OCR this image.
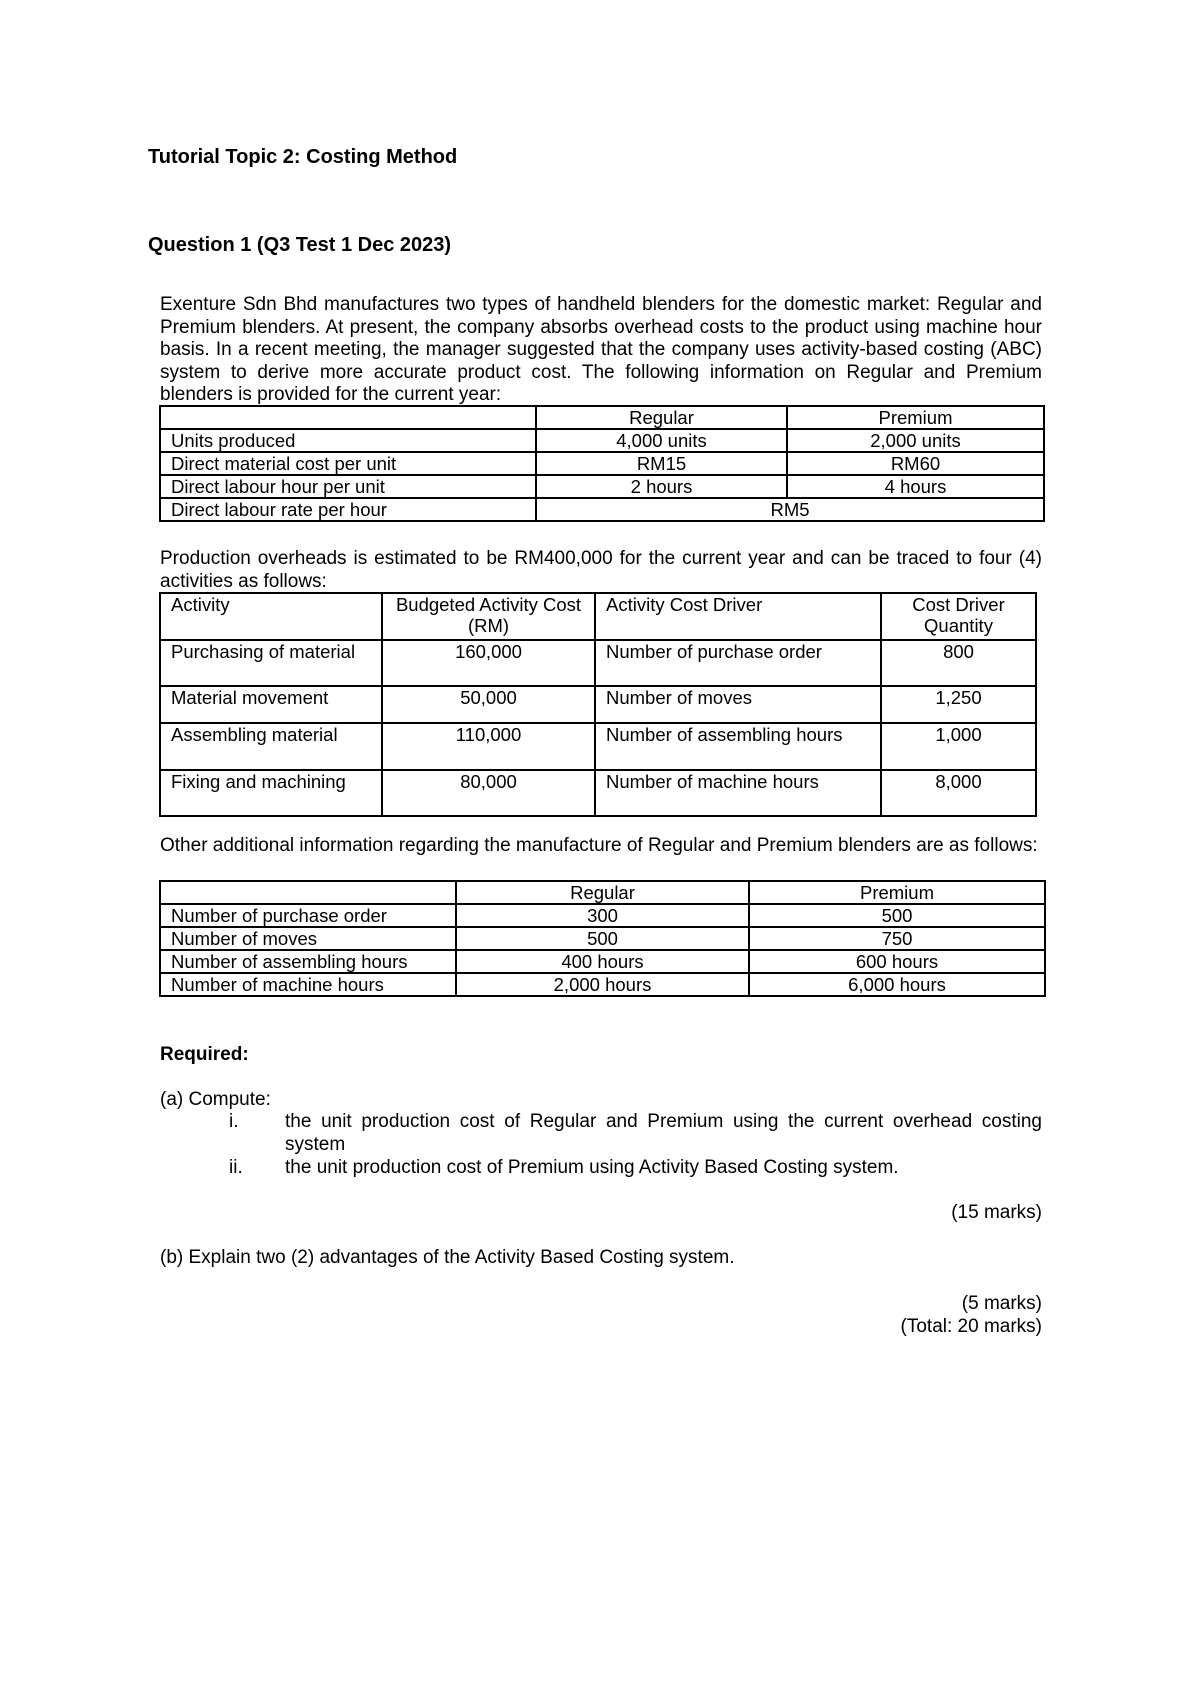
Tutorial Topic 2: Costing Method
Question 1 (Q3 Test 1 Dec 2023)
Exenture Sdn Bhd manufactures two types of handheld blenders for the domestic market: Regular and Premium blenders. At present, the company absorbs overhead costs to the product using machine hour basis. In a recent meeting, the manager suggested that the company uses activity-based costing (ABC) system to derive more accurate product cost. The following information on Regular and Premium blenders is provided for the current year:
	Regular	Premium
Units produced	4,000 units	2,000 units
Direct material cost per unit	RM15	RM60
Direct labour hour per unit	2 hours	4 hours
Direct labour rate per hour	RM5	
Production overheads is estimated to be RM400,000 for the current year and can be traced to four (4) activities as follows:
Activity	Budgeted Activity Cost (RM)	Activity Cost Driver	Cost Driver Quantity
Purchasing of material	160,000	Number of purchase order	800
Material movement	50,000	Number of moves	1,250
Assembling material	110,000	Number of assembling hours	1,000
Fixing and machining	80,000	Number of machine hours	8,000
Other additional information regarding the manufacture of Regular and Premium blenders are as follows:
	Regular	Premium
Number of purchase order	300	500
Number of moves	500	750
Number of assembling hours	400 hours	600 hours
Number of machine hours	2,000 hours	6,000 hours
Required:
(a) Compute:
i. the unit production cost of Regular and Premium using the current overhead costing system
ii. the unit production cost of Premium using Activity Based Costing system.
(15 marks)
(b) Explain two (2) advantages of the Activity Based Costing system.
(5 marks)
(Total: 20 marks)
